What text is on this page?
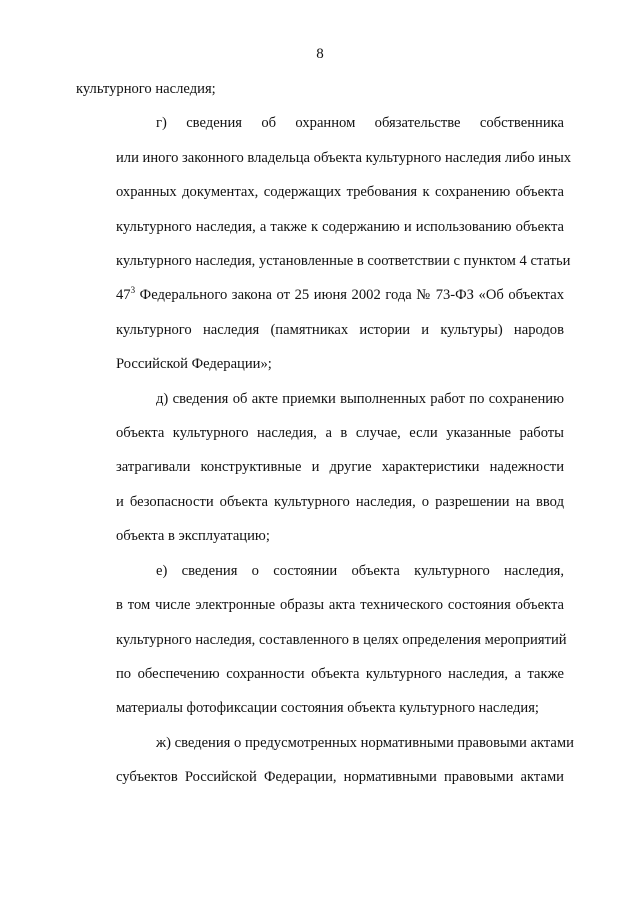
8
культурного наследия;
г) сведения об охранном обязательстве собственника
или иного законного владельца объекта культурного наследия либо иных
охранных документах, содержащих требования к сохранению объекта
культурного наследия, а также к содержанию и использованию объекта
культурного наследия, установленные в соответствии с пунктом 4 статьи
$47^3$ Федерального закона от 25 июня 2002 года № 73-ФЗ «Об объектах
культурного наследия (памятниках истории и культуры) народов
Российской Федерации»;
д) сведения об акте приемки выполненных работ по сохранению
объекта культурного наследия, а в случае, если указанные работы
затрагивали конструктивные и другие характеристики надежности
и безопасности объекта культурного наследия, о разрешении на ввод
объекта в эксплуатацию;
е) сведения о состоянии объекта культурного наследия,
в том числе электронные образы акта технического состояния объекта
культурного наследия, составленного в целях определения мероприятий
по обеспечению сохранности объекта культурного наследия, а также
материалы фотофиксации состояния объекта культурного наследия;
ж) сведения о предусмотренных нормативными правовыми актами
субъектов Российской Федерации, нормативными правовыми актами
